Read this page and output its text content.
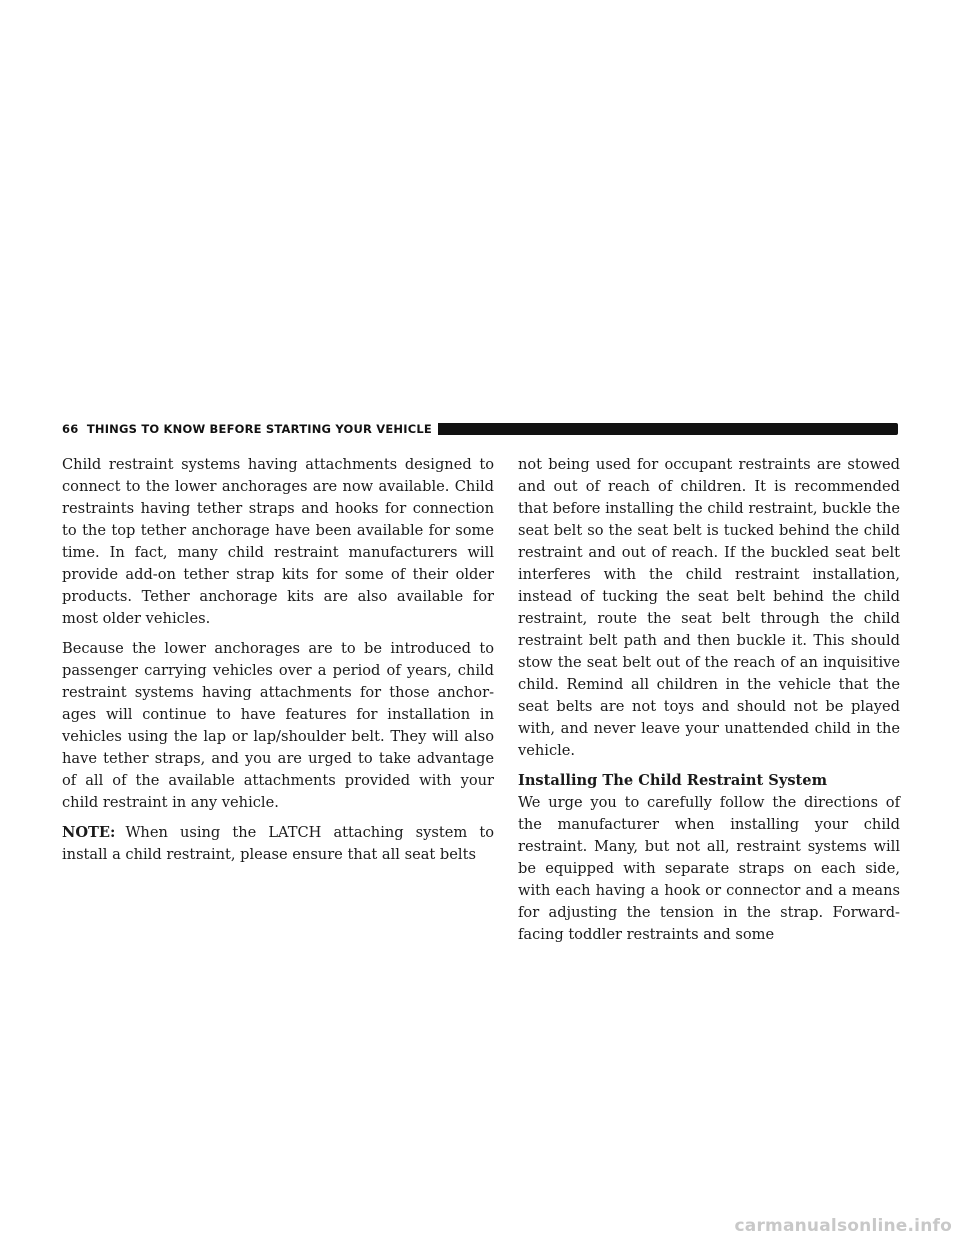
66 THINGS TO KNOW BEFORE STARTING YOUR VEHICLE

Child restraint systems having attachments designed to connect to the lower anchorages are now available. Child restraints having tether straps and hooks for connection to the top tether anchorage have been available for some time. In fact, many child restraint manufacturers will provide add-on tether strap kits for some of their older products. Tether anchorage kits are also available for most older vehicles.

Because the lower anchorages are to be introduced to passenger carrying vehicles over a period of years, child restraint systems having attachments for those anchorages will continue to have features for installation in vehicles using the lap or lap/shoulder belt. They will also have tether straps, and you are urged to take advantage of all of the available attachments provided with your child restraint in any vehicle.

NOTE: When using the LATCH attaching system to install a child restraint, please ensure that all seat belts

not being used for occupant restraints are stowed and out of reach of children. It is recommended that before installing the child restraint, buckle the seat belt so the seat belt is tucked behind the child restraint and out of reach. If the buckled seat belt interferes with the child restraint installation, instead of tucking the seat belt behind the child restraint, route the seat belt through the child restraint belt path and then buckle it. This should stow the seat belt out of the reach of an inquisitive child. Remind all children in the vehicle that the seat belts are not toys and should not be played with, and never leave your unattended child in the vehicle.

Installing The Child Restraint System

We urge you to carefully follow the directions of the manufacturer when installing your child restraint. Many, but not all, restraint systems will be equipped with separate straps on each side, with each having a hook or connector and a means for adjusting the tension in the strap. Forward-facing toddler restraints and some

carmanualsonline.info
